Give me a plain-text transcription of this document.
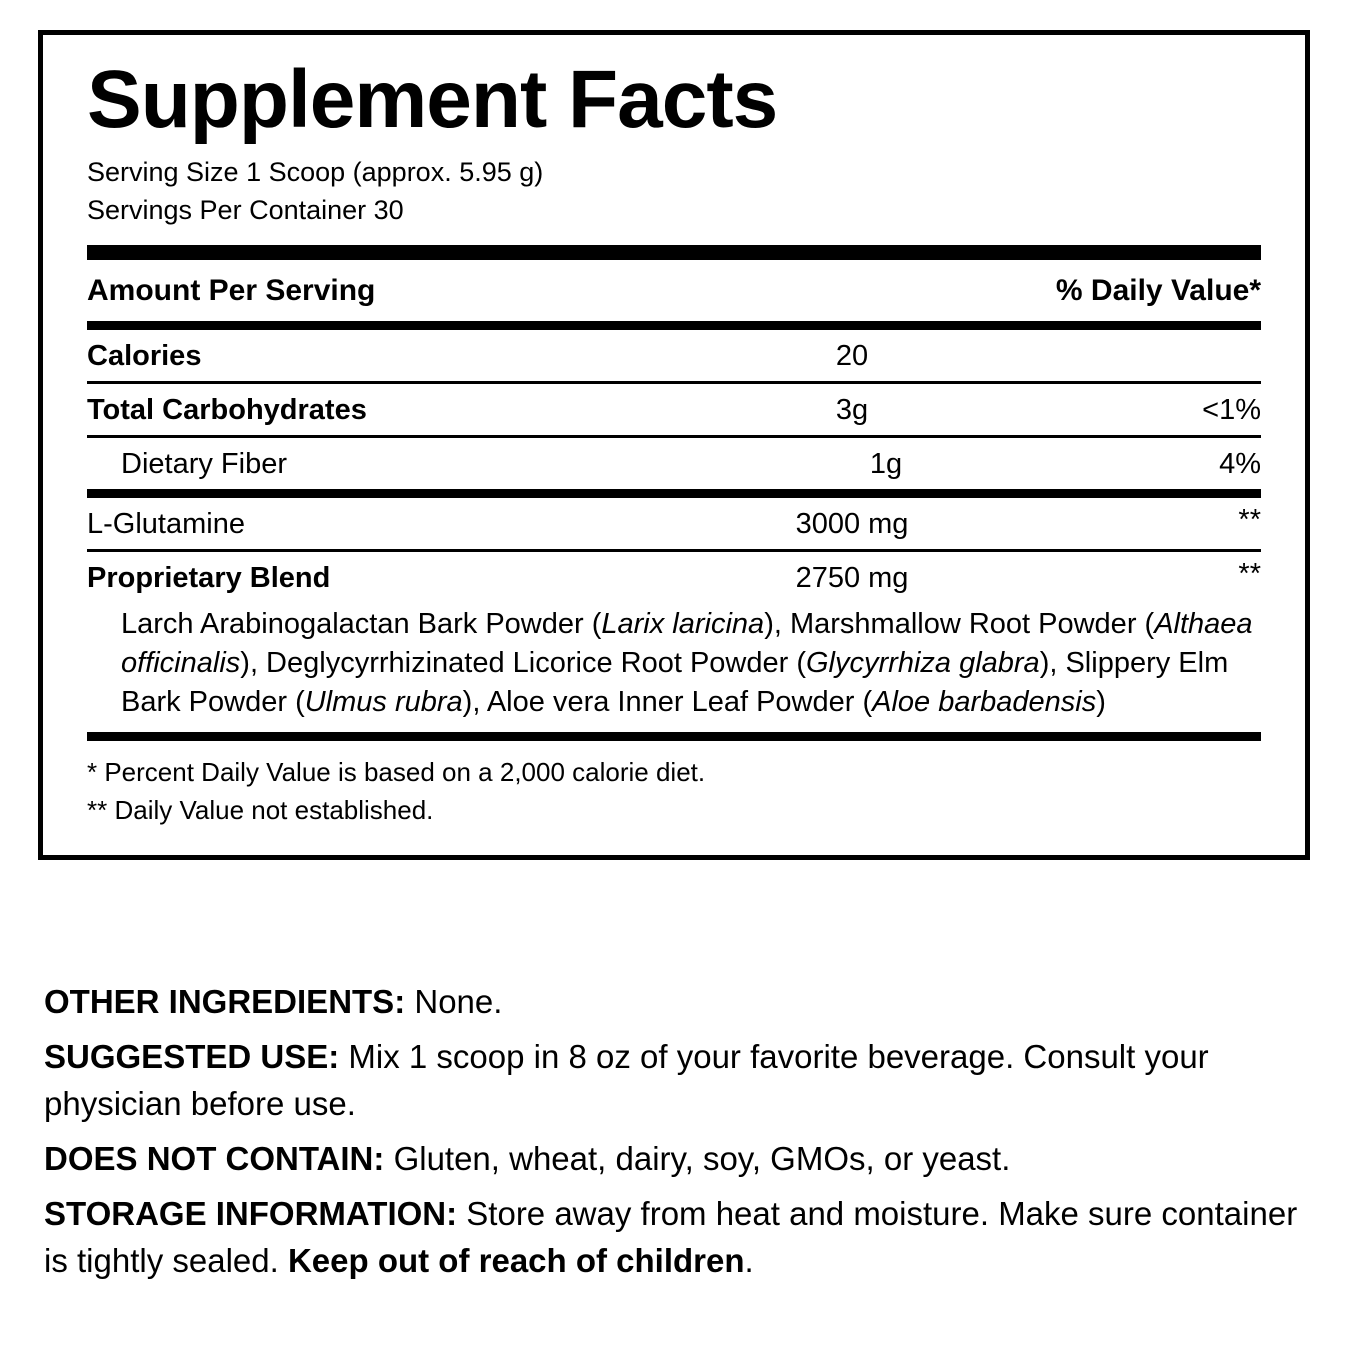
Supplement Facts
Serving Size 1 Scoop (approx. 5.95 g)
Servings Per Container 30
Amount Per Serving	% Daily Value*
Calories	20
Total Carbohydrates	3g	<1%
Dietary Fiber	1g	4%
L-Glutamine	3000 mg	**
Proprietary Blend	2750 mg	**
Larch Arabinogalactan Bark Powder (Larix laricina), Marshmallow Root Powder (Althaea officinalis), Deglycyrrhizinated Licorice Root Powder (Glycyrrhiza glabra), Slippery Elm Bark Powder (Ulmus rubra), Aloe vera Inner Leaf Powder (Aloe barbadensis)
* Percent Daily Value is based on a 2,000 calorie diet.
** Daily Value not established.

OTHER INGREDIENTS: None.

SUGGESTED USE: Mix 1 scoop in 8 oz of your favorite beverage. Consult your physician before use.

DOES NOT CONTAIN: Gluten, wheat, dairy, soy, GMOs, or yeast.

STORAGE INFORMATION: Store away from heat and moisture. Make sure container is tightly sealed. Keep out of reach of children.
